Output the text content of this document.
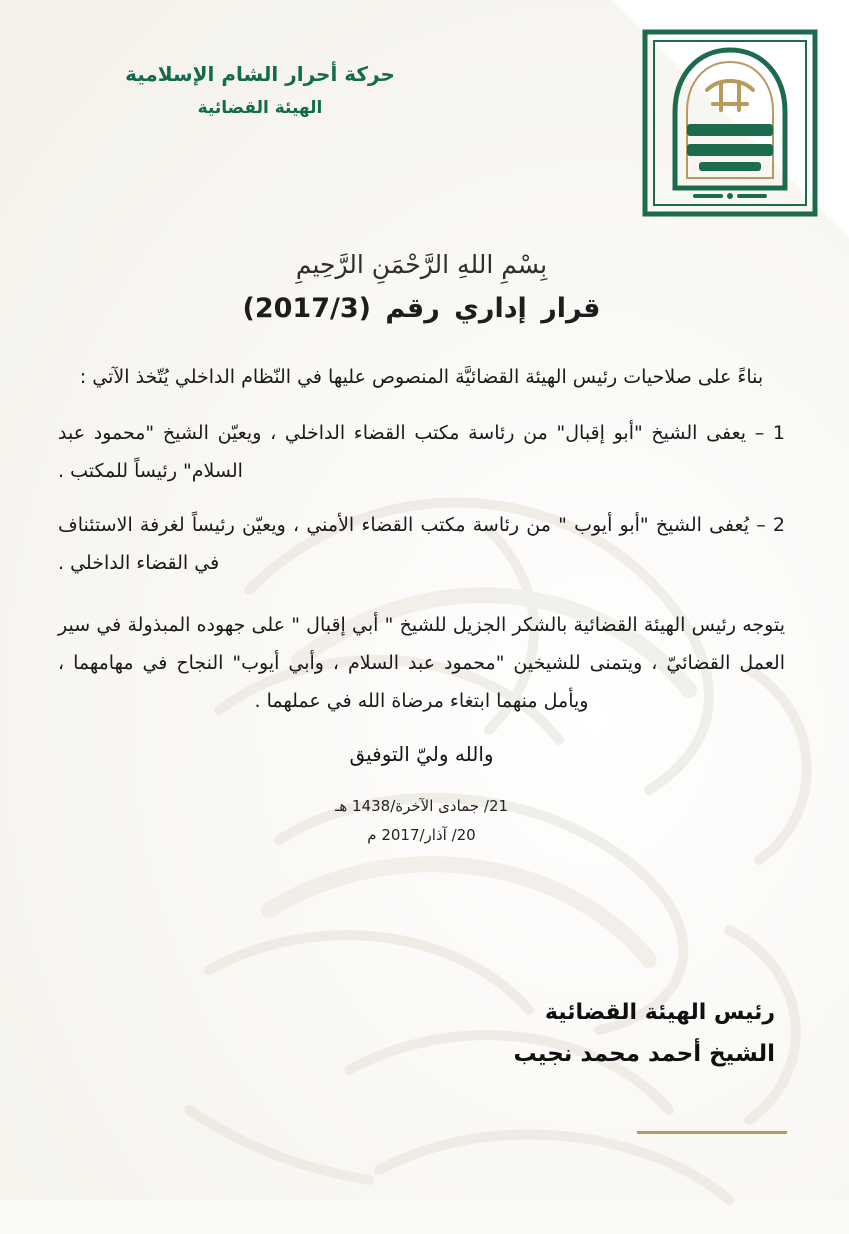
حركة أحرار الشام الإسلامية
الهيئة القضائية
بِسْمِ اللهِ الرَّحْمَنِ الرَّحِيمِ
قرار إداري رقم (2017/3)

بناءً على صلاحيات رئيس الهيئة القضائيَّة المنصوص عليها في النّظام الداخلي يُتّخذ الآتي :

1 – يعفى الشيخ "أبو إقبال" من رئاسة مكتب القضاء الداخلي ، ويعيّن الشيخ "محمود عبد السلام" رئيساً للمكتب .

2 – يُعفى الشيخ "أبو أيوب " من رئاسة مكتب القضاء الأمني ، ويعيّن رئيساً لغرفة الاستئناف في القضاء الداخلي .

يتوجه رئيس الهيئة القضائية بالشكر الجزيل للشيخ " أبي إقبال " على جهوده المبذولة في سير العمل القضائيّ ، ويتمنى للشيخين "محمود عبد السلام ، وأبي أيوب" النجاح في مهامهما ، ويأمل منهما ابتغاء مرضاة الله في عملهما .

والله وليّ التوفيق
21/ جمادى الآخرة/1438 هـ
20/ آذار/2017 م
رئيس الهيئة القضائية
الشيخ أحمد محمد نجيب
